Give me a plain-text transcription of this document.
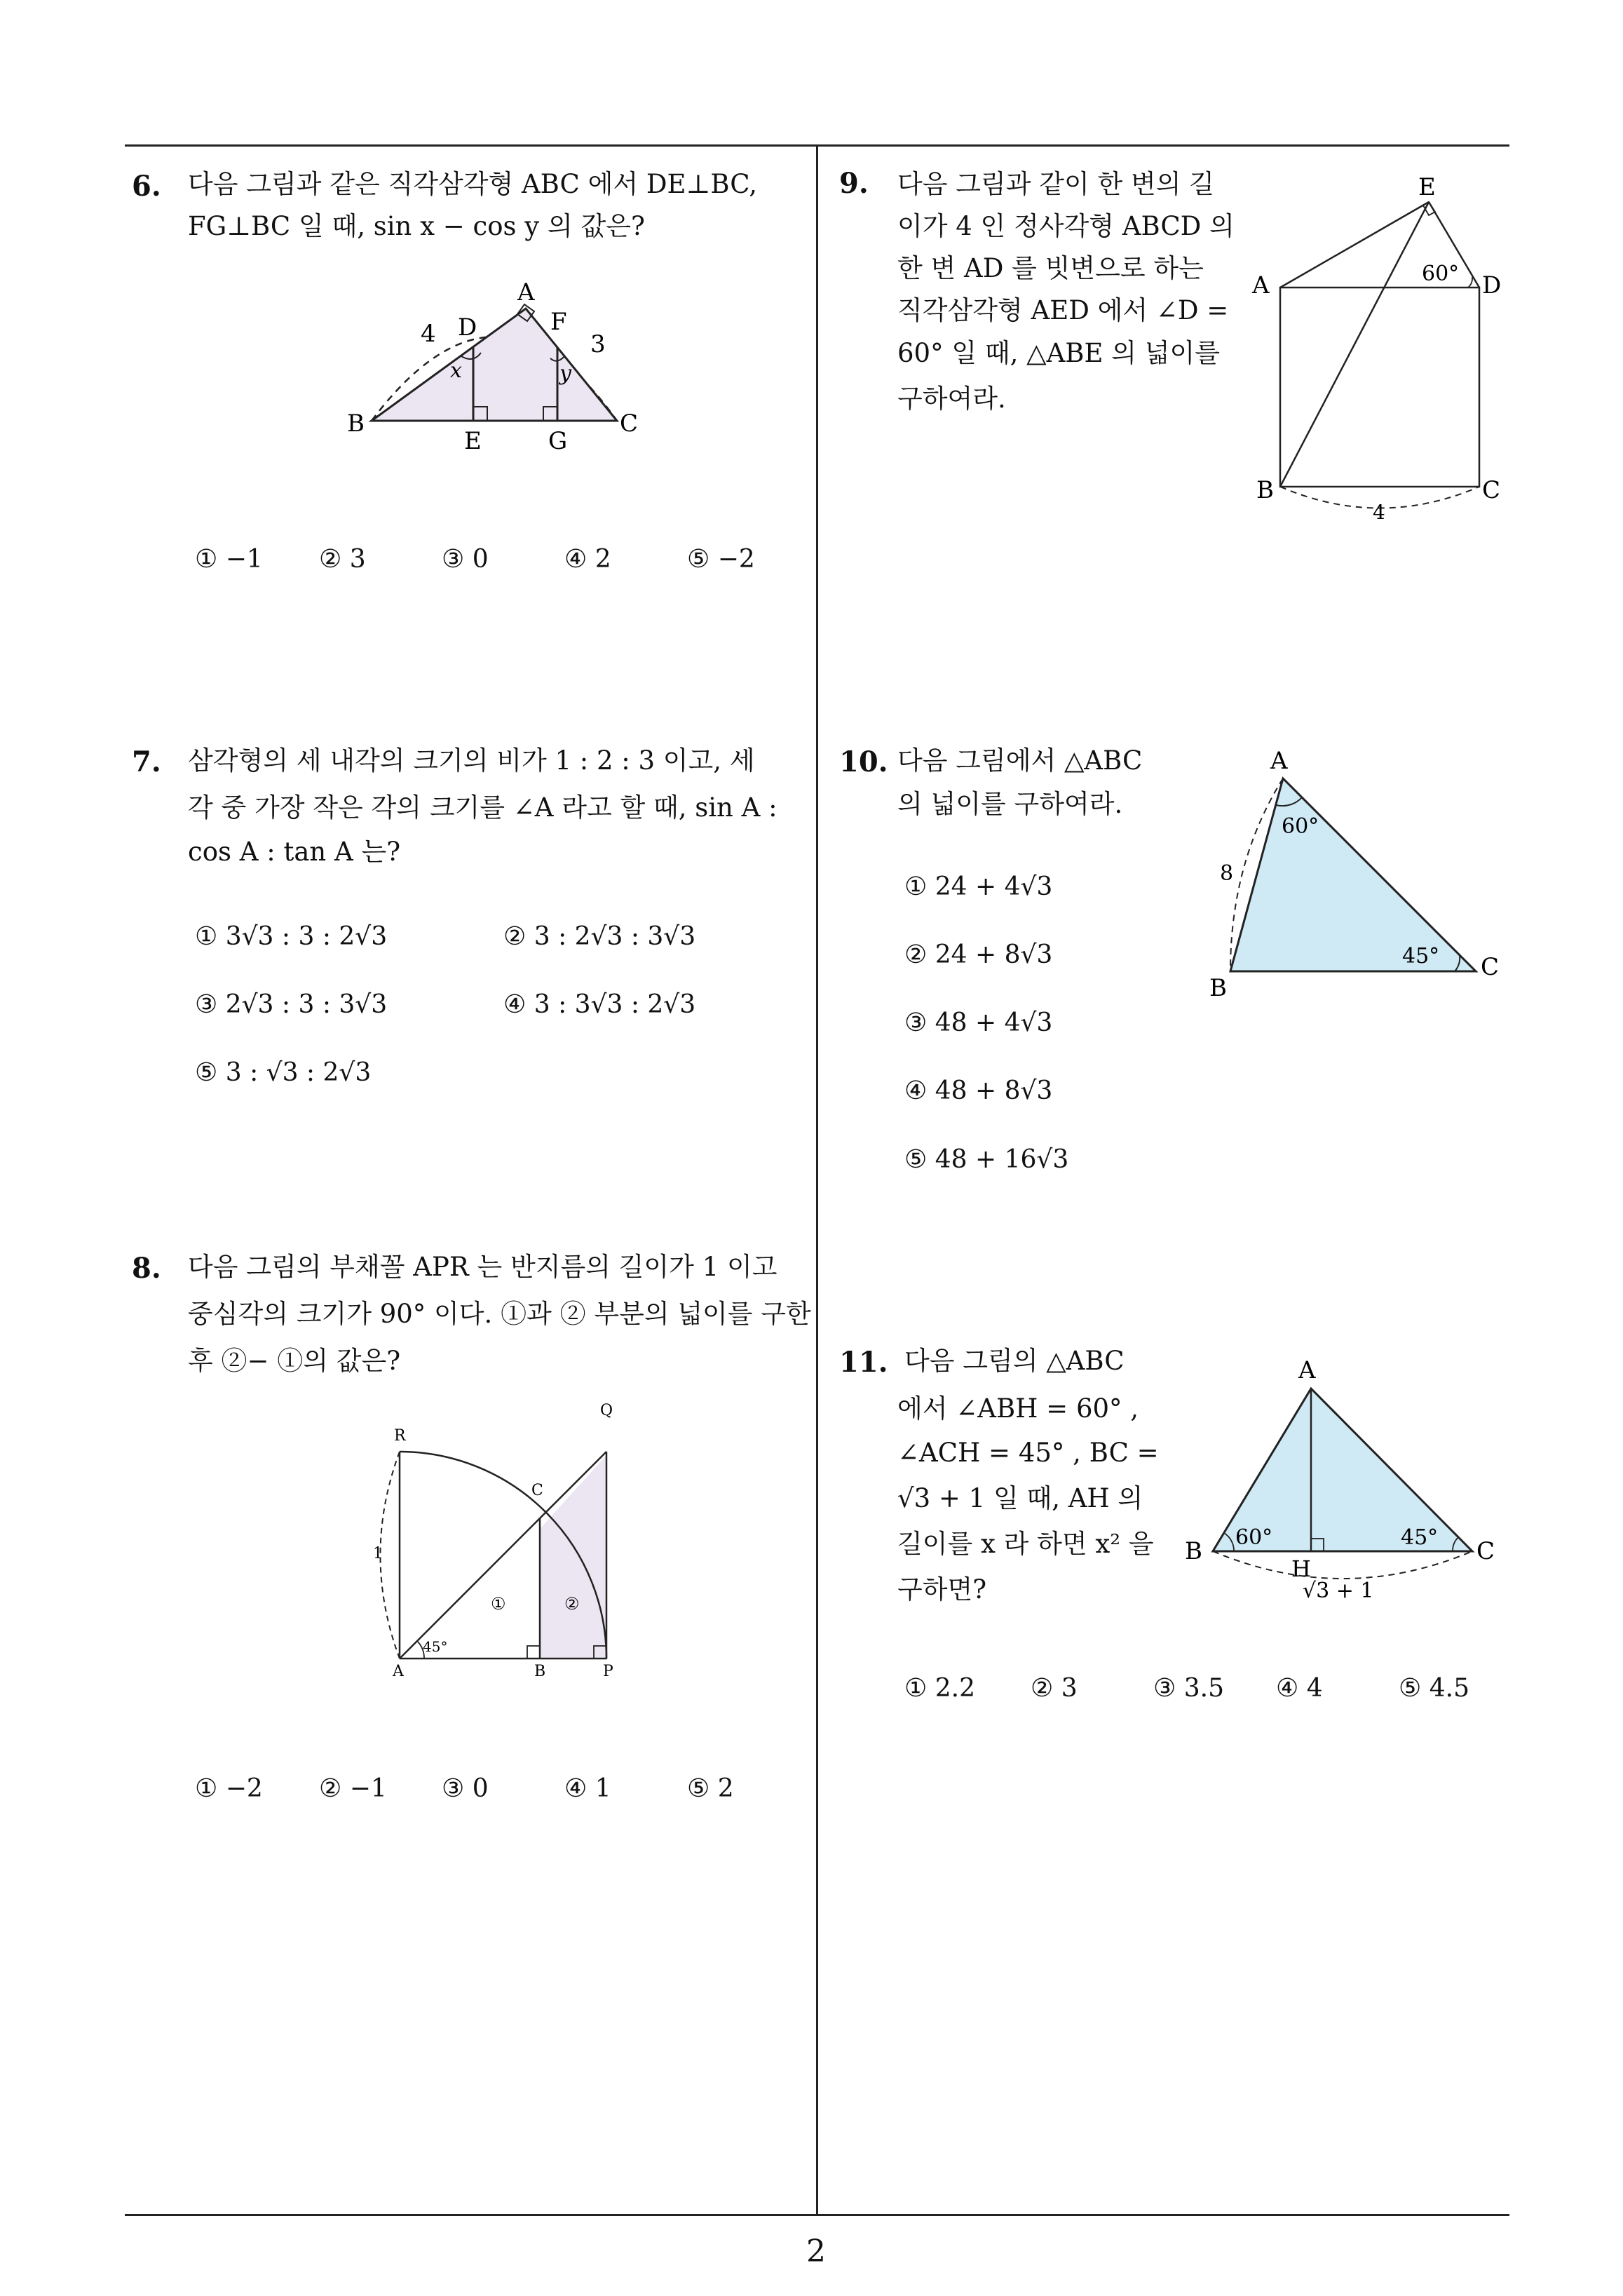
6. 다음 그림과 같은 직각삼각형 ABC 에서 DE⊥BC,
FG⊥BC 일 때, sin x − cos y 의 값은?
A
B	C
D
E
F
G
4	3
x	y
① −1 ② 3	③ 0	④ 2	⑤ −2
7. 삼각형의 세 내각의 크기의 비가 1 : 2 : 3 이고, 세
각 중 가장 작은 각의 크기를 ∠A 라고 할 때, sin A :
cos A : tan A 는?
① 3√3 : 3 : 2√3	② 3 : 2√3 : 3√3
③ 2√3 : 3 : 3√3	④ 3 : 3√3 : 2√3
⑤ 3 : √3 : 2√3
8. 다음 그림의 부채꼴 APR 는 반지름의 길이가 1 이고
중심각의 크기가 90° 이다. ①과 ② 부분의 넓이를 구한
후 ②− ①의 값은?
R
Q
C
A	B	P
1
45°
①	②
① −2 ② −1 ③ 0	④ 1	⑤ 2
9. 다음 그림과 같이 한 변의 길
이가 4 인 정사각형 ABCD 의
한 변 AD 를 빗변으로 하는
직각삼각형 AED 에서 ∠D =
60° 일 때, △ABE 의 넓이를
구하여라.
E
A	D
B	C
60°
4
10. 다음 그림에서 △ABC
의 넓이를 구하여라.
① 24 + 4√3
② 24 + 8√3
③ 48 + 4√3
④ 48 + 8√3
⑤ 48 + 16√3
A
B
C
60°
45°
8
11. 다음 그림의 △ABC
에서 ∠ABH = 60° ,
∠ACH = 45° , BC =
√3 + 1 일 때, AH 의
길이를 x 라 하면 x² 을
구하면?
A
B	C
H
60°	45°
√3 + 1
① 2.2 ② 3	③ 3.5 ④ 4	⑤ 4.5
2
